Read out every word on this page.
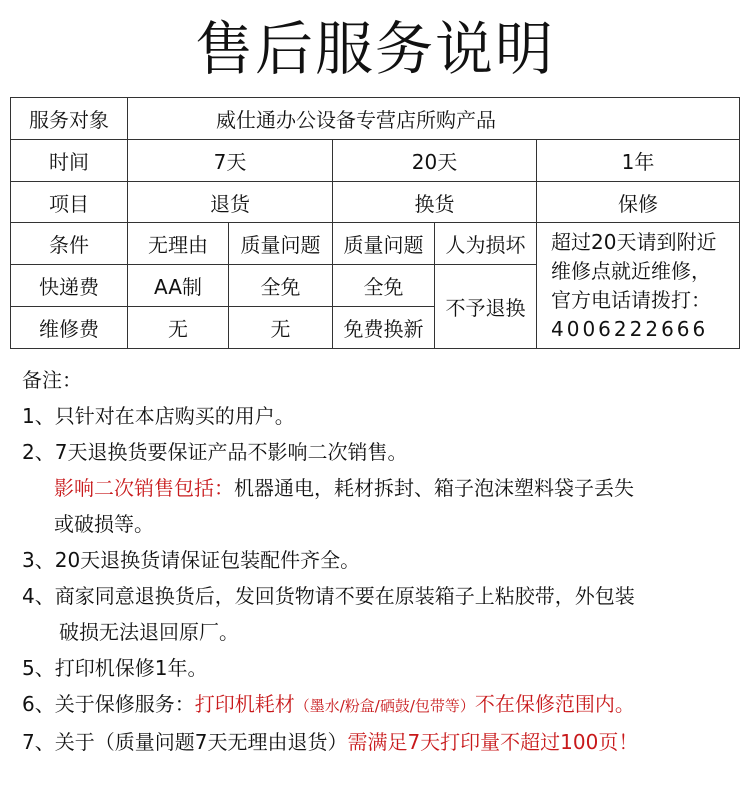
售后服务说明
服务对象	威仕通办公设备专营店所购产品				
时间	7天		20天		1年
项目	退货		换货		保修
条件	无理由	质量问题	质量问题	人为损坏	超过20天请到附近
维修点就近维修，
官方电话请拨打：
4006222666

快递费	AA制	全免	全免	不予退换	
维修费	无	无	免费换新		
备注：
1、只针对在本店购买的用户。
2、7天退换货要保证产品不影响二次销售。
影响二次销售包括：机器通电，耗材拆封、箱子泡沫塑料袋子丢失
或破损等。
3、20天退换货请保证包装配件齐全。
4、商家同意退换货后，发回货物请不要在原装箱子上粘胶带，外包装
破损无法退回原厂。
5、打印机保修1年。
6、关于保修服务：打印机耗材（墨水/粉盒/硒鼓/包带等）不在保修范围内。
7、关于（质量问题7天无理由退货）需满足7天打印量不超过100页！
